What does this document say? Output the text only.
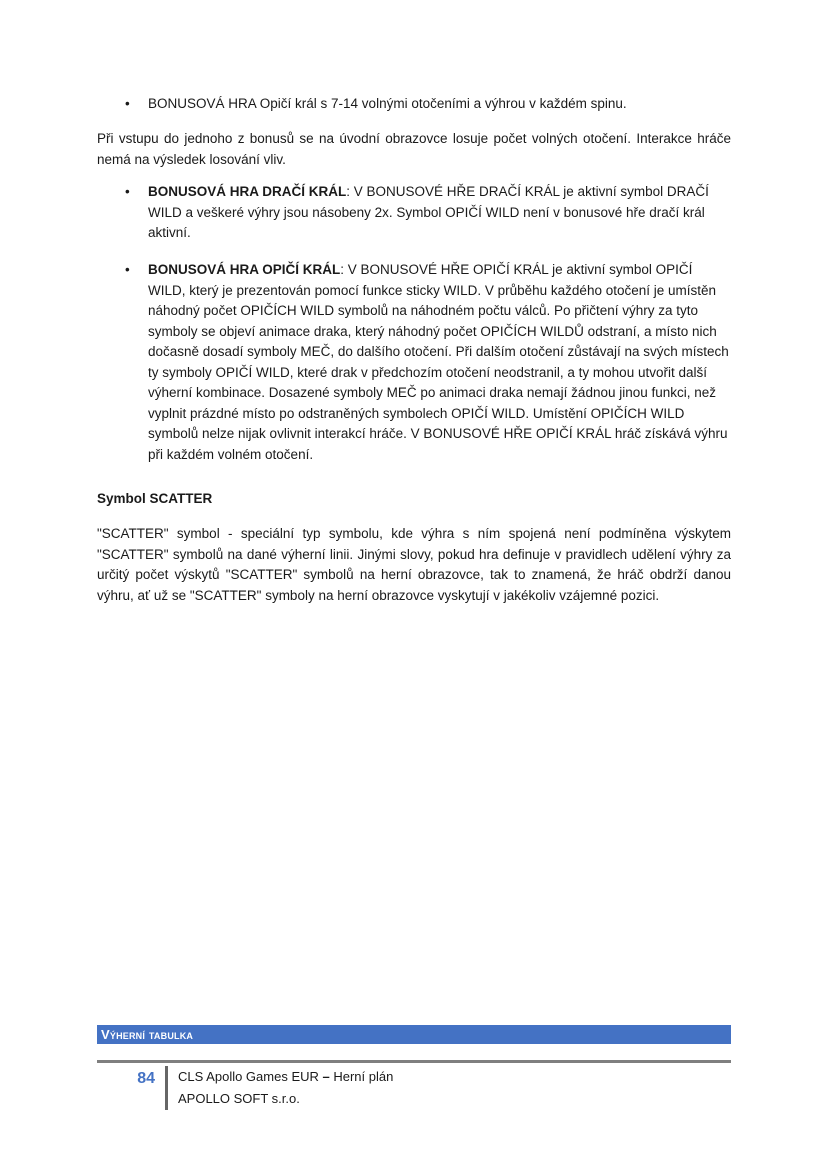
•	BONUSOVÁ HRA Opičí král s 7-14 volnými otočeními a výhrou v každém spinu.
Při vstupu do jednoho z bonusů se na úvodní obrazovce losuje počet volných otočení. Interakce hráče nemá na výsledek losování vliv.
•	BONUSOVÁ HRA DRAČÍ KRÁL: V BONUSOVÉ HŘE DRAČÍ KRÁL je aktivní symbol DRAČÍ WILD a veškeré výhry jsou násobeny 2x. Symbol OPIČÍ WILD není v bonusové hře dračí král aktivní.
•	BONUSOVÁ HRA OPIČÍ KRÁL: V BONUSOVÉ HŘE OPIČÍ KRÁL je aktivní symbol OPIČÍ WILD, který je prezentován pomocí funkce sticky WILD. V průběhu každého otočení je umístěn náhodný počet OPIČÍCH WILD symbolů na náhodném počtu válců. Po přičtení výhry za tyto symboly se objeví animace draka, který náhodný počet OPIČÍCH WILDŮ odstraní, a místo nich dočasně dosadí symboly MEČ, do dalšího otočení. Při dalším otočení zůstávají na svých místech ty symboly OPIČÍ WILD, které drak v předchozím otočení neodstranil, a ty mohou utvořit další výherní kombinace. Dosazené symboly MEČ po animaci draka nemají žádnou jinou funkci, než vyplnit prázdné místo po odstraněných symbolech OPIČÍ WILD. Umístění OPIČÍCH WILD symbolů nelze nijak ovlivnit interakcí hráče. V BONUSOVÉ HŘE OPIČÍ KRÁL hráč získává výhru při každém volném otočení.
Symbol SCATTER
"SCATTER" symbol - speciální typ symbolu, kde výhra s ním spojená není podmíněna výskytem "SCATTER" symbolů na dané výherní linii. Jinými slovy, pokud hra definuje v pravidlech udělení výhry za určitý počet výskytů "SCATTER" symbolů na herní obrazovce, tak to znamená, že hráč obdrží danou výhru, ať už se "SCATTER" symboly na herní obrazovce vyskytují v jakékoliv vzájemné pozici.
Výherní tabulka
84 CLS Apollo Games EUR – Herní plán
APOLLO SOFT s.r.o.
